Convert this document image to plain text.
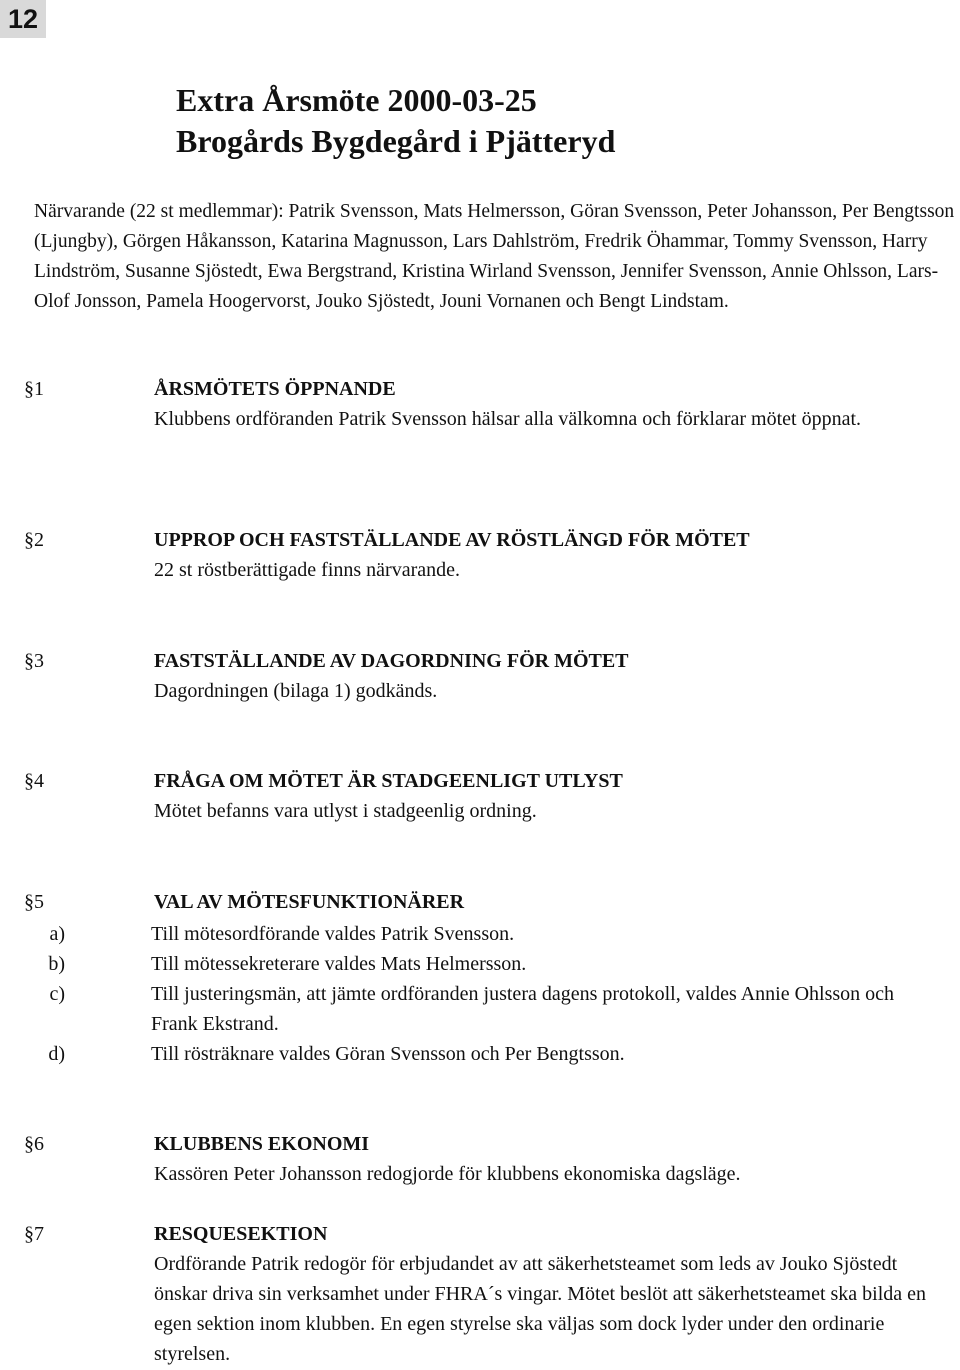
12

Extra Årsmöte 2000-03-25

Brogårds Bygdegård i Pjätteryd

Närvarande (22 st medlemmar): Patrik Svensson, Mats Helmersson, Göran Svensson, Peter Johansson, Per Bengtsson (Ljungby), Görgen Håkansson, Katarina Magnusson, Lars Dahlström, Fredrik Öhammar, Tommy Svensson, Harry Lindström, Susanne Sjöstedt, Ewa Bergstrand, Kristina Wirland Svensson, Jennifer Svensson, Annie Ohlsson, Lars-Olof Jonsson, Pamela Hoogervorst, Jouko Sjöstedt, Jouni Vornanen och Bengt Lindstam.

§1	ÅRSMÖTETS ÖPPNANDE

Klubbens ordföranden Patrik Svensson hälsar alla välkomna och förklarar mötet öppnat.

§2	UPPROP OCH FASTSTÄLLANDE AV RÖSTLÄNGD FÖR MÖTET

22 st röstberättigade finns närvarande.

§3	FASTSTÄLLANDE AV DAGORDNING FÖR MÖTET

Dagordningen (bilaga 1) godkänds.

§4	FRÅGA OM MÖTET ÄR STADGEENLIGT UTLYST

Mötet befanns vara utlyst i stadgeenlig ordning.

§5	VAL AV MÖTESFUNKTIONÄRER

a)	Till mötesordförande valdes Patrik Svensson.
b)	Till mötessekreterare valdes Mats Helmersson.
c)	Till justeringsmän, att jämte ordföranden justera dagens protokoll, valdes Annie Ohlsson och Frank Ekstrand.
d)	Till rösträknare valdes Göran Svensson och Per Bengtsson.
§6	KLUBBENS EKONOMI

Kassören Peter Johansson redogjorde för klubbens ekonomiska dagsläge.

§7	RESQUESEKTION

Ordförande Patrik redogör för erbjudandet av att säkerhetsteamet som leds av Jouko Sjöstedt önskar driva sin verksamhet under FHRA´s vingar. Mötet beslöt att säkerhetsteamet ska bilda en egen sektion inom klubben. En egen styrelse ska väljas som dock lyder under den ordinarie styrelsen.
